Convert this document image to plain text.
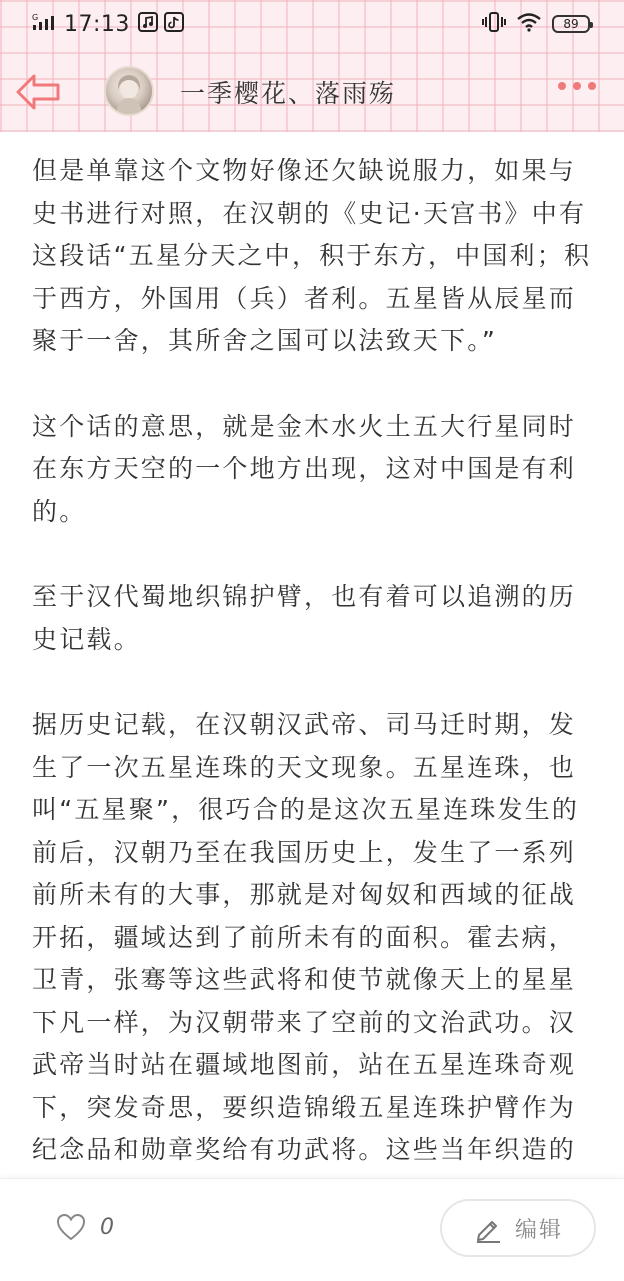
G 17:13	89
一季樱花、落雨殇

但是单靠这个文物好像还欠缺说服力，如果与史书进行对照，在汉朝的《史记·天宫书》中有这段话“五星分天之中，积于东方，中国利；积于西方，外国用（兵）者利。五星皆从辰星而聚于一舍，其所舍之国可以法致天下。”

这个话的意思，就是金木水火土五大行星同时在东方天空的一个地方出现，这对中国是有利的。

至于汉代蜀地织锦护臂，也有着可以追溯的历史记载。

据历史记载，在汉朝汉武帝、司马迁时期，发生了一次五星连珠的天文现象。五星连珠，也叫“五星聚”，很巧合的是这次五星连珠发生的前后，汉朝乃至在我国历史上，发生了一系列前所未有的大事，那就是对匈奴和西域的征战开拓，疆域达到了前所未有的面积。霍去病，卫青，张骞等这些武将和使节就像天上的星星下凡一样，为汉朝带来了空前的文治武功。汉武帝当时站在疆域地图前，站在五星连珠奇观下，突发奇思，要织造锦缎五星连珠护臂作为纪念品和勋章奖给有功武将。这些当年织造的

0	编辑
